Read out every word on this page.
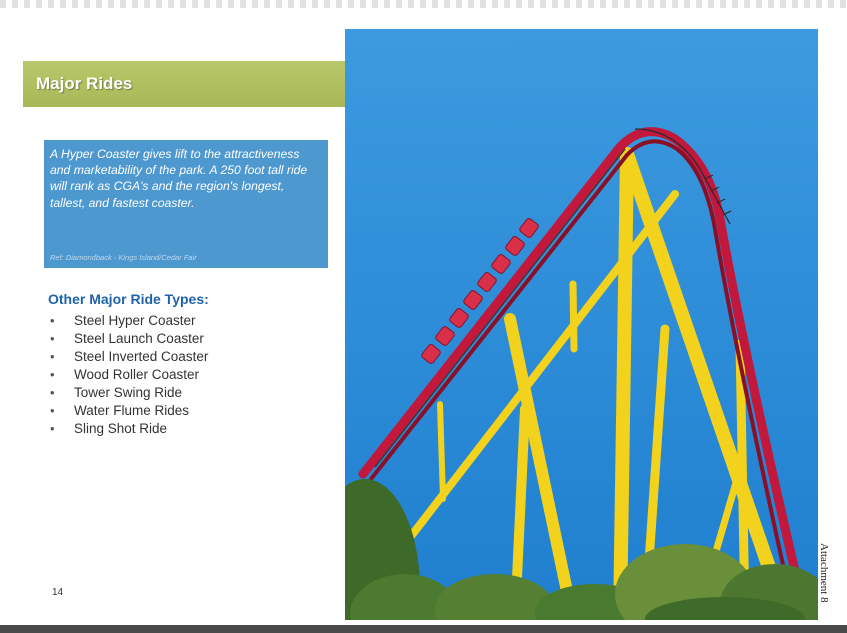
Major Rides

A Hyper Coaster gives lift to the attractiveness and marketability of the park. A 250 foot tall ride will rank as CGA's and the region's longest, tallest, and fastest coaster.

Ref: Diamondback - Kings Island/Cedar Fair
Other Major Ride Types:
• Steel Hyper Coaster
• Steel Launch Coaster
• Steel Inverted Coaster
• Wood Roller Coaster
• Tower Swing Ride
• Water Flume Rides
• Sling Shot Ride
14	Attachment 8
